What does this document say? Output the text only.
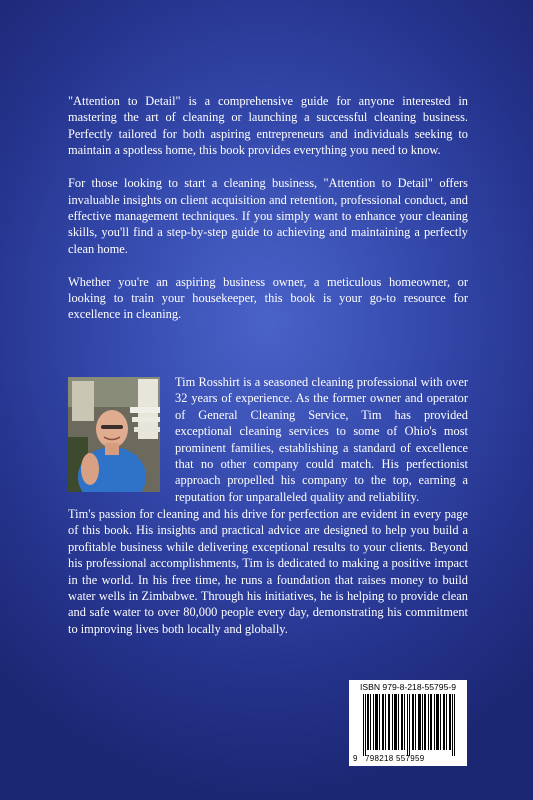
"Attention to Detail" is a comprehensive guide for anyone interested in mastering the art of cleaning or launching a successful cleaning business. Perfectly tailored for both aspiring entrepreneurs and individuals seeking to maintain a spotless home, this book provides everything you need to know.

For those looking to start a cleaning business, "Attention to Detail" offers invaluable insights on client acquisition and retention, professional conduct, and effective management techniques. If you simply want to enhance your cleaning skills, you'll find a step-by-step guide to achieving and maintaining a perfectly clean home.

Whether you're an aspiring business owner, a meticulous homeowner, or looking to train your housekeeper, this book is your go-to resource for excellence in cleaning.

Tim Rosshirt is a seasoned cleaning professional with over 32 years of experience. As the former owner and operator of General Cleaning Service, Tim has provided exceptional cleaning services to some of Ohio's most prominent families, establishing a standard of excellence that no other company could match. His perfectionist approach propelled his company to the top, earning a reputation for unparalleled quality and reliability.

Tim's passion for cleaning and his drive for perfection are evident in every page of this book. His insights and practical advice are designed to help you build a profitable business while delivering exceptional results to your clients. Beyond his professional accomplishments, Tim is dedicated to making a positive impact in the world. In his free time, he runs a foundation that raises money to build water wells in Zimbabwe. Through his initiatives, he is helping to provide clean and safe water to over 80,000 people every day, demonstrating his commitment to improving lives both locally and globally.

ISBN 979-8-218-55795-9
9 798218 557959
